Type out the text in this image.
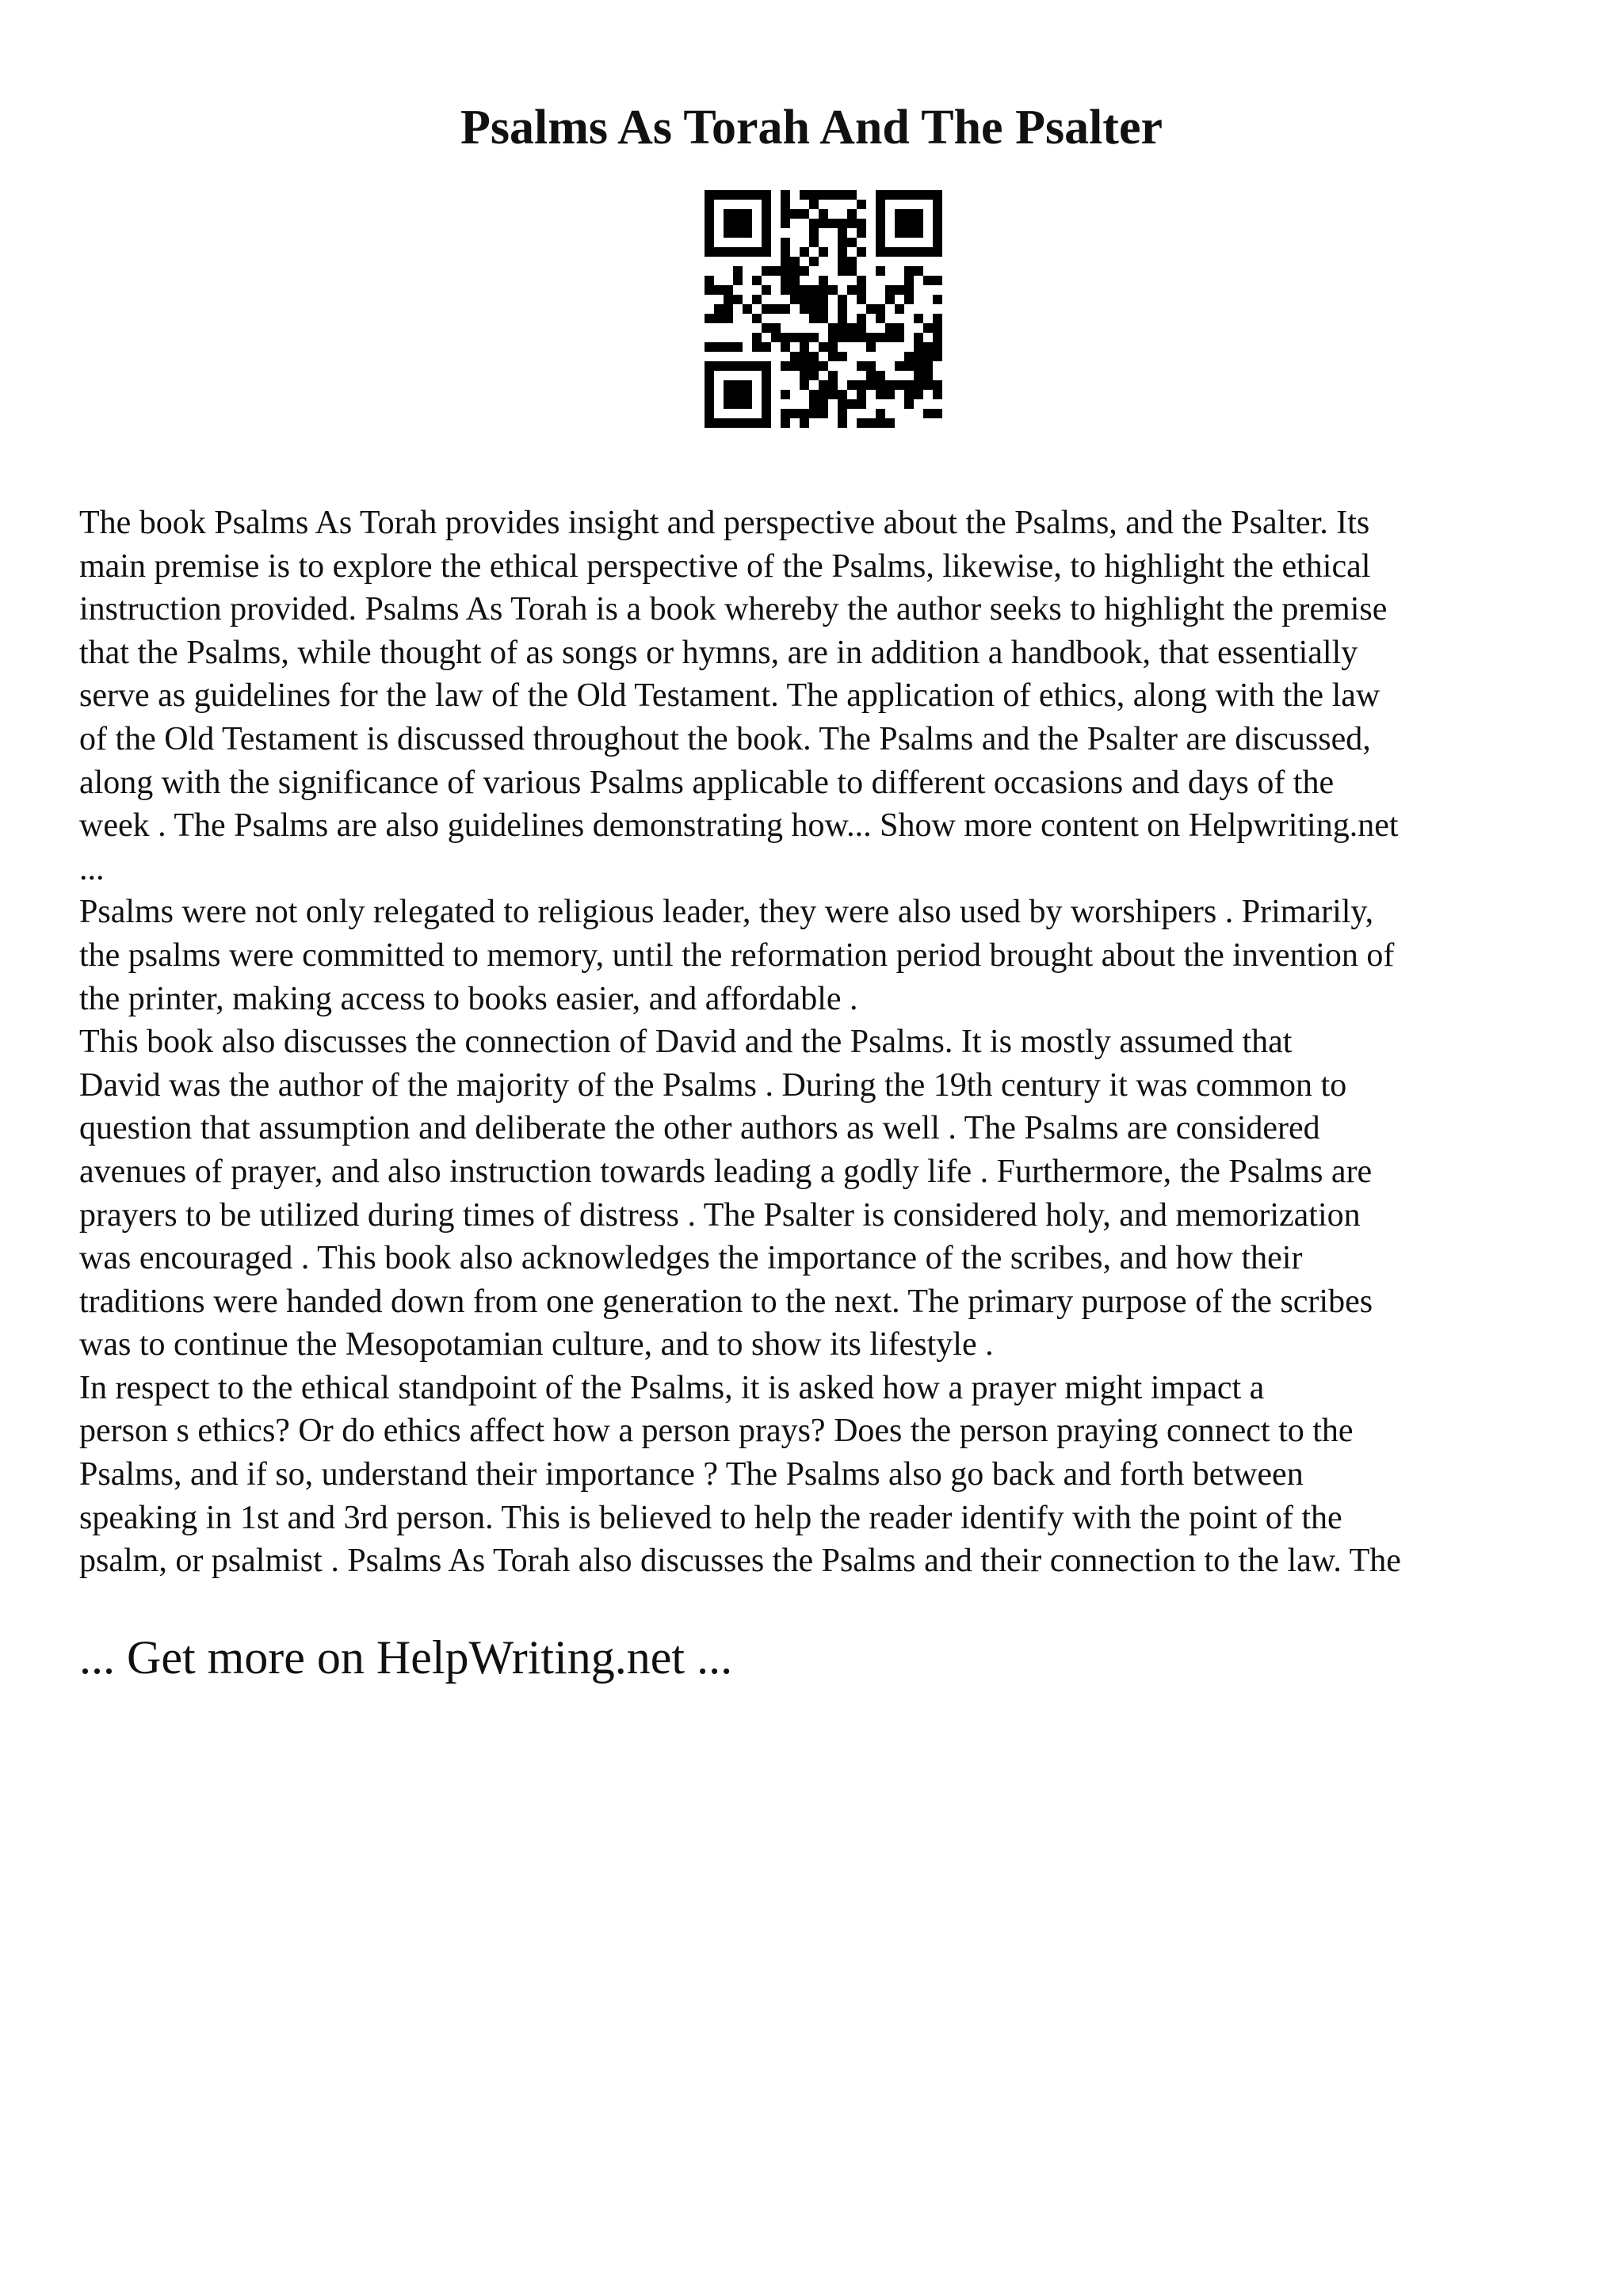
Psalms As Torah And The Psalter
The book Psalms As Torah provides insight and perspective about the Psalms, and the Psalter. Its
main premise is to explore the ethical perspective of the Psalms, likewise, to highlight the ethical
instruction provided. Psalms As Torah is a book whereby the author seeks to highlight the premise
that the Psalms, while thought of as songs or hymns, are in addition a handbook, that essentially
serve as guidelines for the law of the Old Testament. The application of ethics, along with the law
of the Old Testament is discussed throughout the book. The Psalms and the Psalter are discussed,
along with the significance of various Psalms applicable to different occasions and days of the
week . The Psalms are also guidelines demonstrating how... Show more content on Helpwriting.net
...
Psalms were not only relegated to religious leader, they were also used by worshipers . Primarily,
the psalms were committed to memory, until the reformation period brought about the invention of
the printer, making access to books easier, and affordable .
This book also discusses the connection of David and the Psalms. It is mostly assumed that
David was the author of the majority of the Psalms . During the 19th century it was common to
question that assumption and deliberate the other authors as well . The Psalms are considered
avenues of prayer, and also instruction towards leading a godly life . Furthermore, the Psalms are
prayers to be utilized during times of distress . The Psalter is considered holy, and memorization
was encouraged . This book also acknowledges the importance of the scribes, and how their
traditions were handed down from one generation to the next. The primary purpose of the scribes
was to continue the Mesopotamian culture, and to show its lifestyle .
In respect to the ethical standpoint of the Psalms, it is asked how a prayer might impact a
person s ethics? Or do ethics affect how a person prays? Does the person praying connect to the
Psalms, and if so, understand their importance ? The Psalms also go back and forth between
speaking in 1st and 3rd person. This is believed to help the reader identify with the point of the
psalm, or psalmist . Psalms As Torah also discusses the Psalms and their connection to the law. The
... Get more on HelpWriting.net ...
